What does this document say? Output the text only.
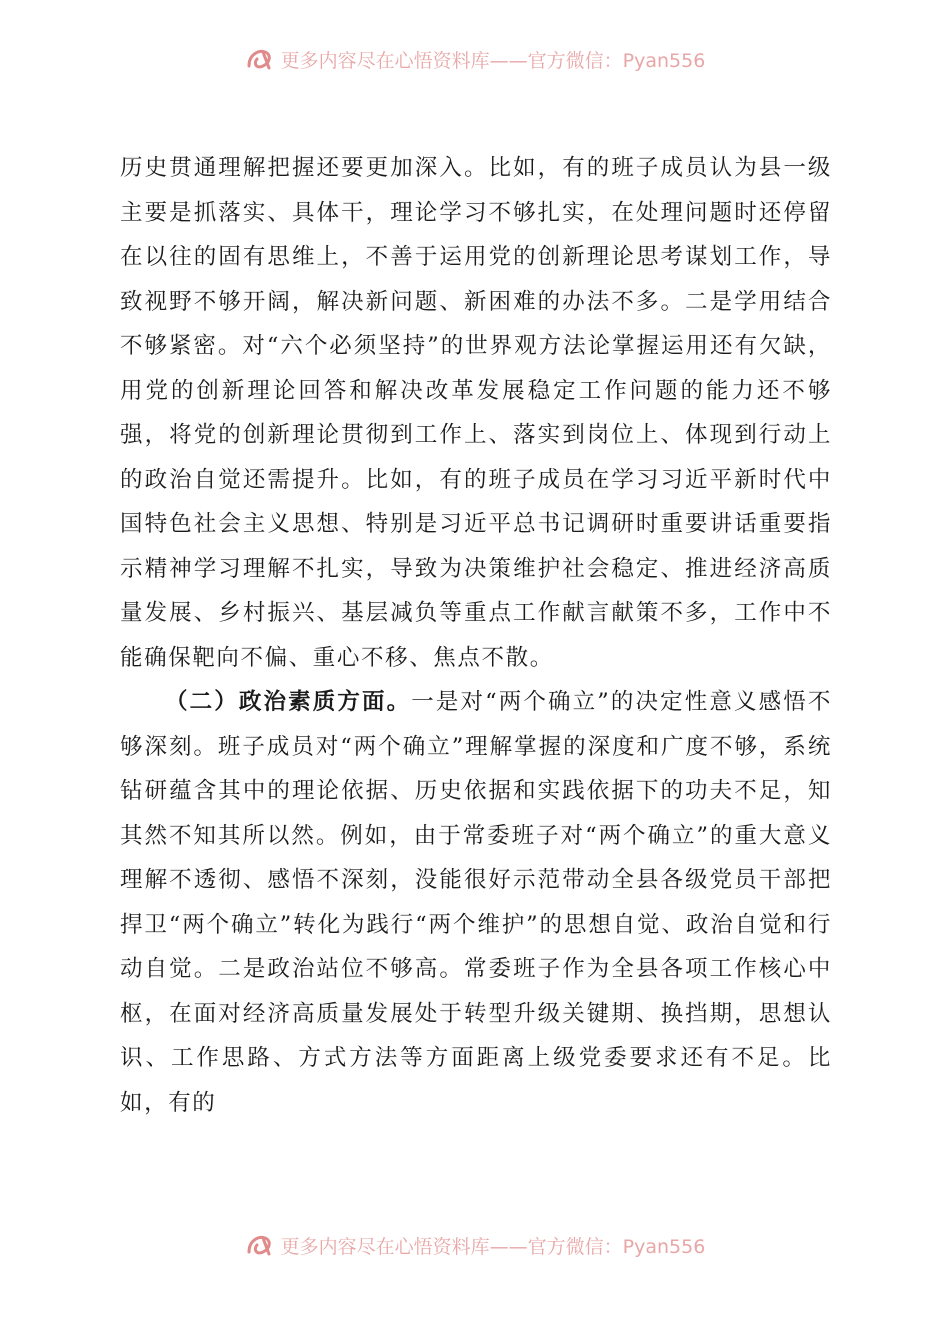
更多内容尽在心悟资料库——官方微信：Pyan556

历史贯通理解把握还要更加深入。比如，有的班子成员认为县一级主要是抓落实、具体干，理论学习不够扎实，在处理问题时还停留在以往的固有思维上，不善于运用党的创新理论思考谋划工作，导致视野不够开阔，解决新问题、新困难的办法不多。二是学用结合不够紧密。对“六个必须坚持”的世界观方法论掌握运用还有欠缺，用党的创新理论回答和解决改革发展稳定工作问题的能力还不够强，将党的创新理论贯彻到工作上、落实到岗位上、体现到行动上的政治自觉还需提升。比如，有的班子成员在学习习近平新时代中国特色社会主义思想、特别是习近平总书记调研时重要讲话重要指示精神学习理解不扎实，导致为决策维护社会稳定、推进经济高质量发展、乡村振兴、基层减负等重点工作献言献策不多，工作中不能确保靶向不偏、重心不移、焦点不散。

（二）政治素质方面。一是对“两个确立”的决定性意义感悟不够深刻。班子成员对“两个确立”理解掌握的深度和广度不够，系统钻研蕴含其中的理论依据、历史依据和实践依据下的功夫不足，知其然不知其所以然。例如，由于常委班子对“两个确立”的重大意义理解不透彻、感悟不深刻，没能很好示范带动全县各级党员干部把捍卫“两个确立”转化为践行“两个维护”的思想自觉、政治自觉和行动自觉。二是政治站位不够高。常委班子作为全县各项工作核心中枢，在面对经济高质量发展处于转型升级关键期、换挡期，思想认识、工作思路、方式方法等方面距离上级党委要求还有不足。比如，有的

更多内容尽在心悟资料库——官方微信：Pyan556
